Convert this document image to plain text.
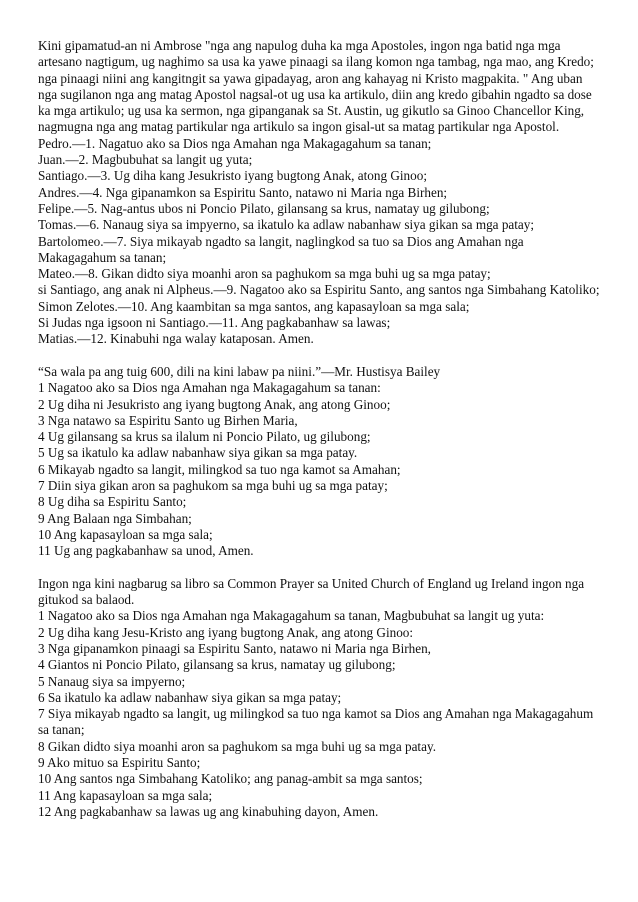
Kini gipamatud-an ni Ambrose "nga ang napulog duha ka mga Apostoles, ingon nga batid nga mga artesano nagtigum, ug naghimo sa usa ka yawe pinaagi sa ilang komon nga tambag, nga mao, ang Kredo; nga pinaagi niini ang kangitngit sa yawa gipadayag, aron ang kahayag ni Kristo magpakita. " Ang uban nga sugilanon nga ang matag Apostol nagsal-ot ug usa ka artikulo, diin ang kredo gibahin ngadto sa dose ka mga artikulo; ug usa ka sermon, nga gipanganak sa St. Austin, ug gikutlo sa Ginoo Chancellor King, nagmugna nga ang matag partikular nga artikulo sa ingon gisal-ut sa matag partikular nga Apostol.
Pedro.—1. Nagatuo ako sa Dios nga Amahan nga Makagagahum sa tanan;
Juan.—2. Magbubuhat sa langit ug yuta;
Santiago.—3. Ug diha kang Jesukristo iyang bugtong Anak, atong Ginoo;
Andres.—4. Nga gipanamkon sa Espiritu Santo, natawo ni Maria nga Birhen;
Felipe.—5. Nag-antus ubos ni Poncio Pilato, gilansang sa krus, namatay ug gilubong;
Tomas.—6. Nanaug siya sa impyerno, sa ikatulo ka adlaw nabanhaw siya gikan sa mga patay;
Bartolomeo.—7. Siya mikayab ngadto sa langit, naglingkod sa tuo sa Dios ang Amahan nga Makagagahum sa tanan;
Mateo.—8. Gikan didto siya moanhi aron sa paghukom sa mga buhi ug sa mga patay;
si Santiago, ang anak ni Alpheus.—9. Nagatoo ako sa Espiritu Santo, ang santos nga Simbahang Katoliko;
Simon Zelotes.—10. Ang kaambitan sa mga santos, ang kapasayloan sa mga sala;
Si Judas nga igsoon ni Santiago.—11. Ang pagkabanhaw sa lawas;
Matias.—12. Kinabuhi nga walay kataposan. Amen.
“Sa wala pa ang tuig 600, dili na kini labaw pa niini.”—Mr. Hustisya Bailey
1 Nagatoo ako sa Dios nga Amahan nga Makagagahum sa tanan:
2 Ug diha ni Jesukristo ang iyang bugtong Anak, ang atong Ginoo;
3 Nga natawo sa Espiritu Santo ug Birhen Maria,
4 Ug gilansang sa krus sa ilalum ni Poncio Pilato, ug gilubong;
5 Ug sa ikatulo ka adlaw nabanhaw siya gikan sa mga patay.
6 Mikayab ngadto sa langit, milingkod sa tuo nga kamot sa Amahan;
7 Diin siya gikan aron sa paghukom sa mga buhi ug sa mga patay;
8 Ug diha sa Espiritu Santo;
9 Ang Balaan nga Simbahan;
10 Ang kapasayloan sa mga sala;
11 Ug ang pagkabanhaw sa unod, Amen.
Ingon nga kini nagbarug sa libro sa Common Prayer sa United Church of England ug Ireland ingon nga gitukod sa balaod.
1 Nagatoo ako sa Dios nga Amahan nga Makagagahum sa tanan, Magbubuhat sa langit ug yuta:
2 Ug diha kang Jesu-Kristo ang iyang bugtong Anak, ang atong Ginoo:
3 Nga gipanamkon pinaagi sa Espiritu Santo, natawo ni Maria nga Birhen,
4 Giantos ni Poncio Pilato, gilansang sa krus, namatay ug gilubong;
5 Nanaug siya sa impyerno;
6 Sa ikatulo ka adlaw nabanhaw siya gikan sa mga patay;
7 Siya mikayab ngadto sa langit, ug milingkod sa tuo nga kamot sa Dios ang Amahan nga Makagagahum sa tanan;
8 Gikan didto siya moanhi aron sa paghukom sa mga buhi ug sa mga patay.
9 Ako mituo sa Espiritu Santo;
10 Ang santos nga Simbahang Katoliko; ang panag-ambit sa mga santos;
11 Ang kapasayloan sa mga sala;
12 Ang pagkabanhaw sa lawas ug ang kinabuhing dayon, Amen.
